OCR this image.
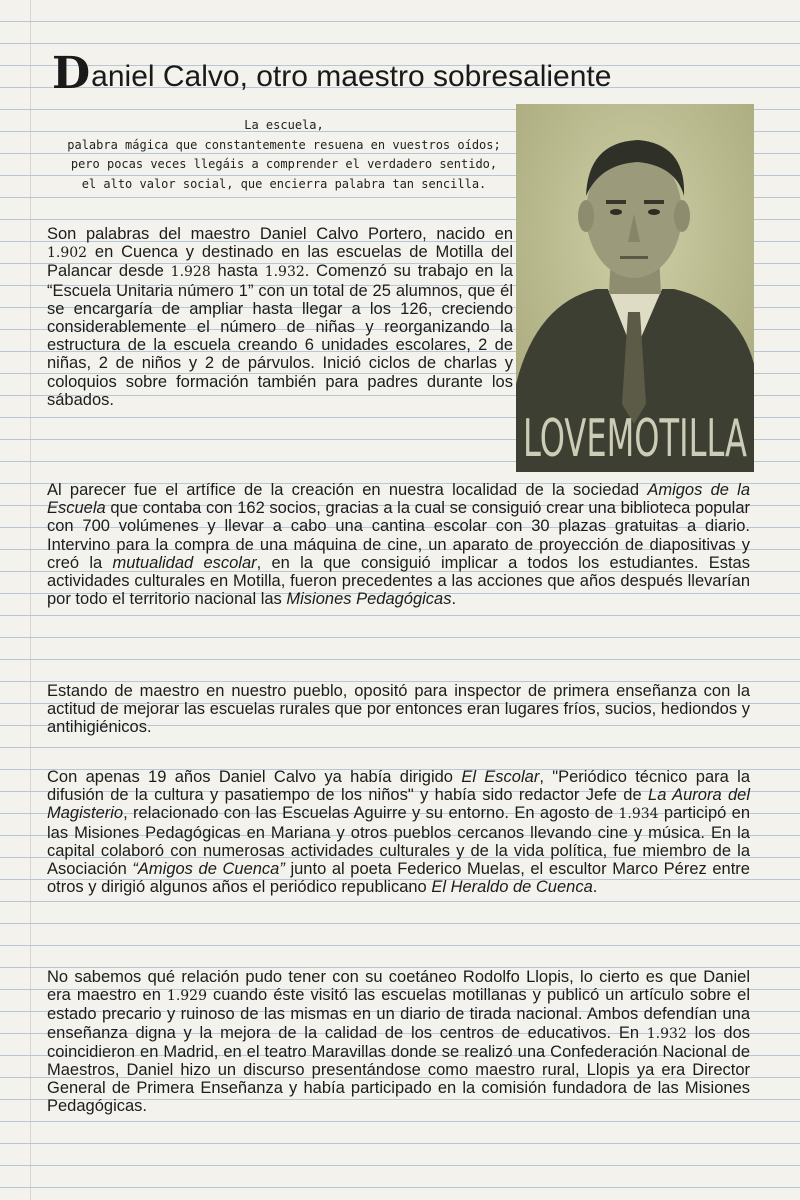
Daniel Calvo, otro maestro sobresaliente
La escuela,
palabra mágica que constantemente resuena en vuestros oídos;
pero pocas veces llegáis a comprender el verdadero sentido,
el alto valor social, que encierra palabra tan sencilla.
LOVEMOTILLA

Son palabras del maestro Daniel Calvo Portero, nacido en 1.902 en Cuenca y destinado en las escuelas de Motilla del Palancar desde 1.928 hasta 1.932. Comenzó su trabajo en la “Escuela Unitaria número 1” con un total de 25 alumnos, que él se encargaría de ampliar hasta llegar a los 126, creciendo considerablemente el número de niñas y reorganizando la estructura de la escuela creando 6 unidades escolares, 2 de niñas, 2 de niños y 2 de párvulos. Inició ciclos de charlas y coloquios sobre formación también para padres durante los sábados.

Al parecer fue el artífice de la creación en nuestra localidad de la sociedad Amigos de la Escuela que contaba con 162 socios, gracias a la cual se consiguió crear una biblioteca popular con 700 volúmenes y llevar a cabo una cantina escolar con 30 plazas gratuitas a diario. Intervino para la compra de una máquina de cine, un aparato de proyección de diapositivas y creó la mutualidad escolar, en la que consiguió implicar a todos los estudiantes. Estas actividades culturales en Motilla, fueron precedentes a las acciones que años después llevarían por todo el territorio nacional las Misiones Pedagógicas.

Estando de maestro en nuestro pueblo, opositó para inspector de primera enseñanza con la actitud de mejorar las escuelas rurales que por entonces eran lugares fríos, sucios, hediondos y antihigiénicos.

Con apenas 19 años Daniel Calvo ya había dirigido El Escolar, "Periódico técnico para la difusión de la cultura y pasatiempo de los niños" y había sido redactor Jefe de La Aurora del Magisterio, relacionado con las Escuelas Aguirre y su entorno. En agosto de 1.934 participó en las Misiones Pedagógicas en Mariana y otros pueblos cercanos llevando cine y música. En la capital colaboró con numerosas actividades culturales y de la vida política, fue miembro de la Asociación “Amigos de Cuenca” junto al poeta Federico Muelas, el escultor Marco Pérez entre otros y dirigió algunos años el periódico republicano El Heraldo de Cuenca.

No sabemos qué relación pudo tener con su coetáneo Rodolfo Llopis, lo cierto es que Daniel era maestro en 1.929 cuando éste visitó las escuelas motillanas y publicó un artículo sobre el estado precario y ruinoso de las mismas en un diario de tirada nacional. Ambos defendían una enseñanza digna y la mejora de la calidad de los centros de educativos. En 1.932 los dos coincidieron en Madrid, en el teatro Maravillas donde se realizó una Confederación Nacional de Maestros, Daniel hizo un discurso presentándose como maestro rural, Llopis ya era Director General de Primera Enseñanza y había participado en la comisión fundadora de las Misiones Pedagógicas.
